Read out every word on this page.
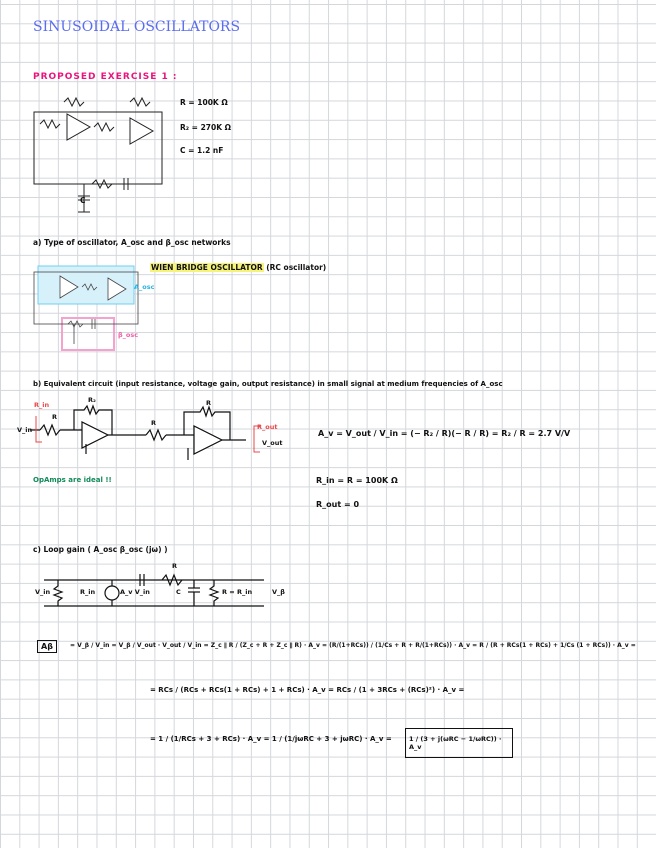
SINUSOIDAL OSCILLATORS
PROPOSED EXERCISE 1 :
C
R = 100K Ω
R₂ = 270K Ω
C = 1.2 nF
a) Type of oscillator, A_osc and β_osc networks
A_osc
β_osc
WIEN BRIDGE OSCILLATOR (RC oscillator)
b) Equivalent circuit (input resistance, voltage gain, output resistance) in small signal at medium frequencies of A_osc
R_in
R_out
V_in
V_out
R
R₂
R
R
OpAmps are ideal !!
A_v = V_out / V_in = (− R₂ / R)(− R / R) = R₂ / R = 2.7 V/V
R_in = R = 100K Ω
R_out = 0
c) Loop gain ( A_osc β_osc (jω) )
V_in	R_in	A_v V_in	C	R = R_in	V_β
R
Aβ	= V_β / V_in = V_β / V_out · V_out / V_in = Z_c ∥ R / (Z_c + R + Z_c ∥ R) · A_v = (R/(1+RCs)) / (1/Cs + R + R/(1+RCs)) · A_v = R / (R + RCs(1 + RCs) + 1/Cs (1 + RCs)) · A_v =
= RCs / (RCs + RCs(1 + RCs) + 1 + RCs) · A_v = RCs / (1 + 3RCs + (RCs)²) · A_v =
= 1 / (1/RCs + 3 + RCs) · A_v = 1 / (1/jωRC + 3 + jωRC) · A_v =	1 / (3 + j(ωRC − 1/ωRC)) · A_v
